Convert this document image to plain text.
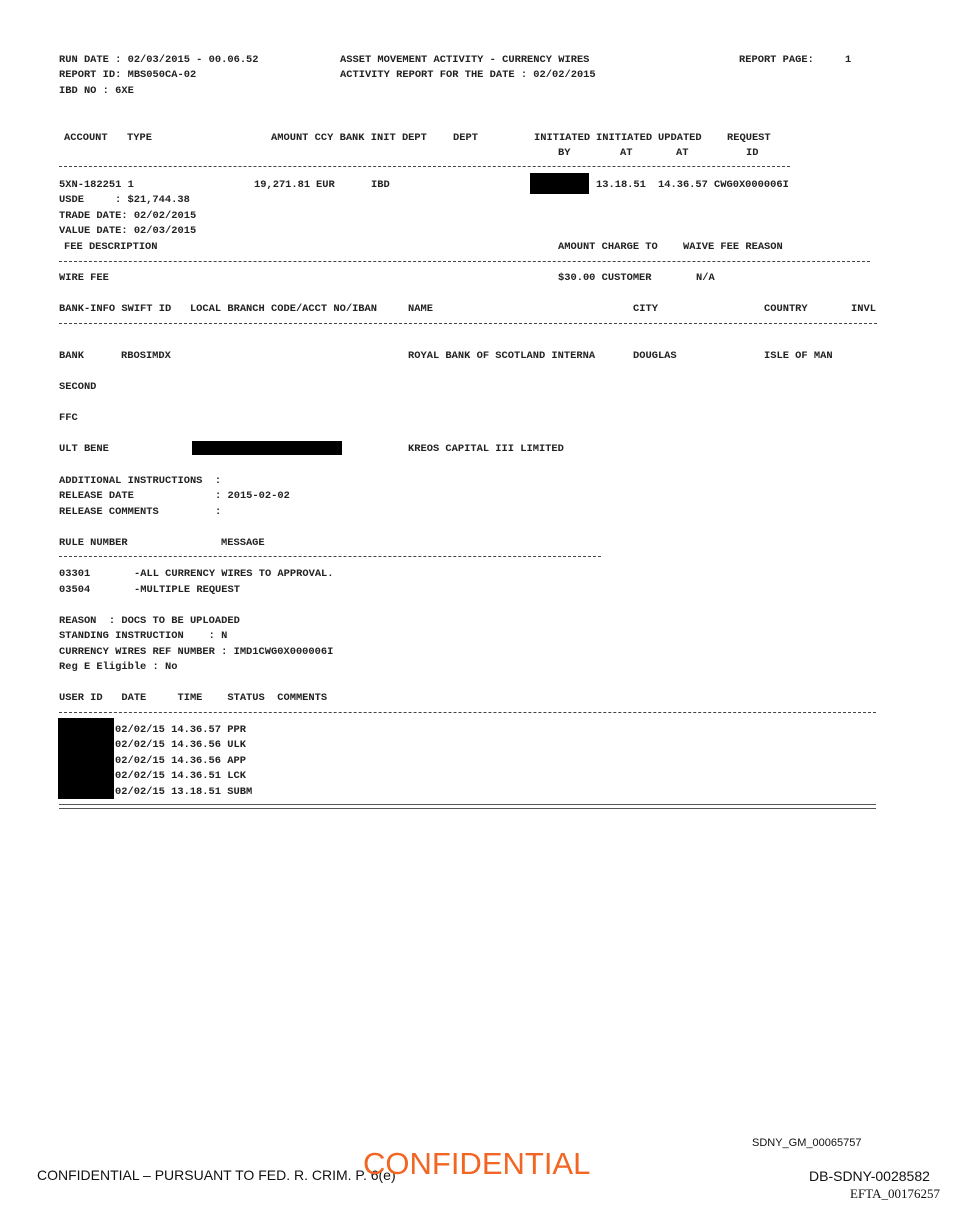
RUN DATE : 02/03/2015 - 00.06.52
REPORT ID: MBS050CA-02
IBD NO : 6XE
ASSET MOVEMENT ACTIVITY - CURRENCY WIRES
ACTIVITY REPORT FOR THE DATE : 02/02/2015
REPORT PAGE:	1
ACCOUNT TYPE	AMOUNT CCY BANK INIT DEPT	DEPT	INITIATED INITIATED UPDATED REQUEST
BY	AT	AT	ID
5XN-182251 1	19,271.81 EUR	IBD	13.18.51 14.36.57 CWG0X000006I
USDE	: $21,744.38
TRADE DATE: 02/02/2015
VALUE DATE: 02/03/2015
FEE DESCRIPTION	AMOUNT CHARGE TO WAIVE FEE REASON
WIRE FEE	$30.00 CUSTOMER	N/A
BANK-INFO SWIFT ID   LOCAL BRANCH CODE/ACCT NO/IBAN	NAME	CITY	COUNTRY	INVL
BANK	RBOSIMDX	ROYAL BANK OF SCOTLAND INTERNA	DOUGLAS	ISLE OF MAN
SECOND
FFC
ULT BENE	KREOS CAPITAL III LIMITED
ADDITIONAL INSTRUCTIONS  :
RELEASE DATE	: 2015-02-02
RELEASE COMMENTS	:
RULE NUMBER	MESSAGE
03301	-ALL CURRENCY WIRES TO APPROVAL.
03504	-MULTIPLE REQUEST
REASON  : DOCS TO BE UPLOADED
STANDING INSTRUCTION    : N
CURRENCY WIRES REF NUMBER : IMD1CWG0X000006I
Reg E Eligible : No
USER ID   DATE     TIME    STATUS  COMMENTS
02/02/15 14.36.57 PPR
02/02/15 14.36.56 ULK
02/02/15 14.36.56 APP
02/02/15 14.36.51 LCK
02/02/15 13.18.51 SUBM
SDNY_GM_00065757
CONFIDENTIAL – PURSUANT TO FED. R. CRIM. P. 6(e)
CONFIDENTIAL	DB-SDNY-0028582
EFTA_00176257
